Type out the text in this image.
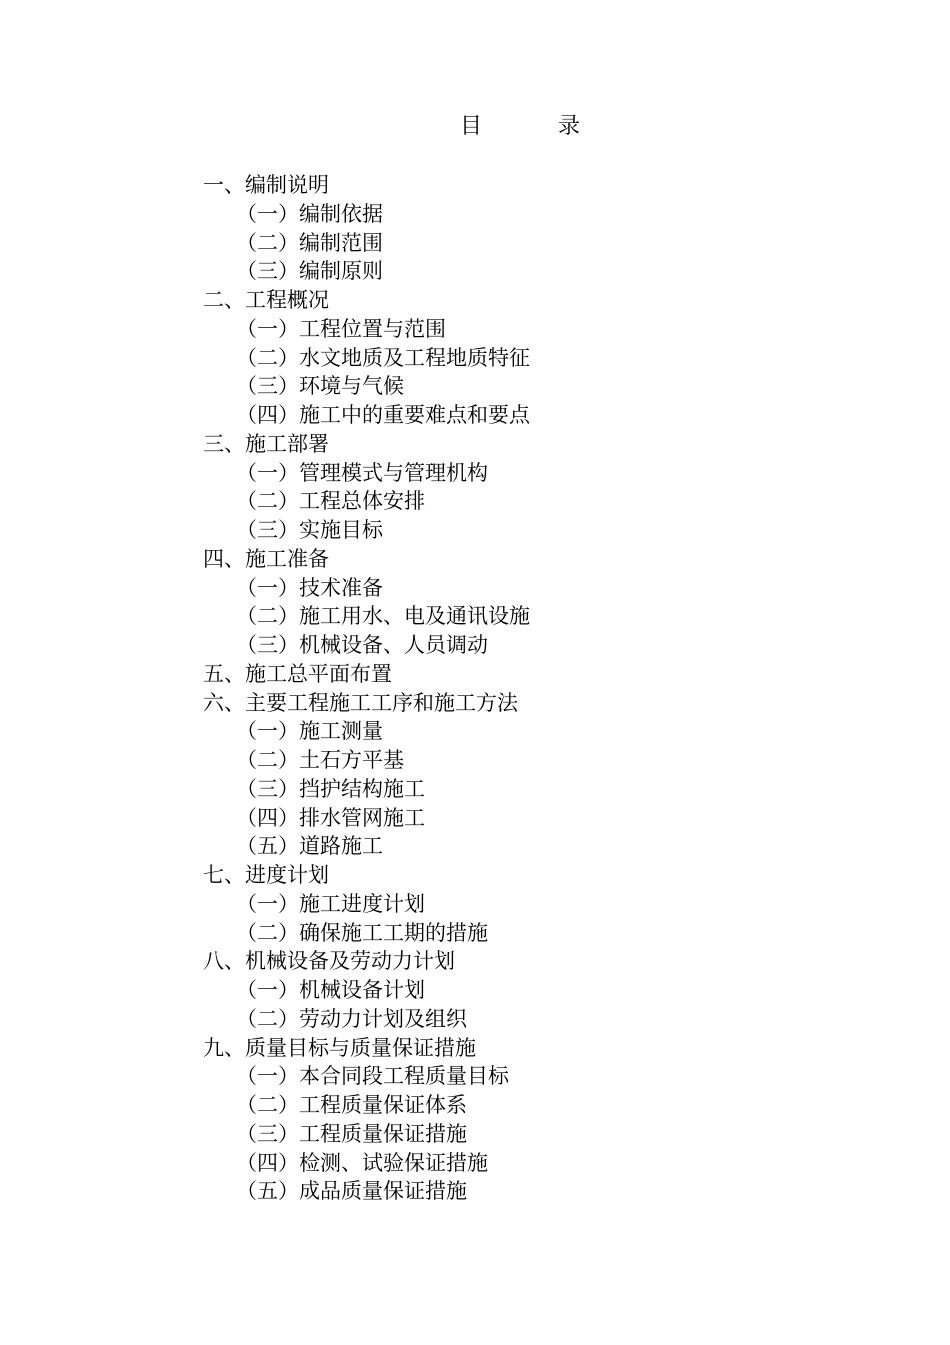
目	录
一、编制说明
（一）编制依据
（二）编制范围
（三）编制原则
二、工程概况
（一）工程位置与范围
（二）水文地质及工程地质特征
（三）环境与气候
（四）施工中的重要难点和要点
三、施工部署
（一）管理模式与管理机构
（二）工程总体安排
（三）实施目标
四、施工准备
（一）技术准备
（二）施工用水、电及通讯设施
（三）机械设备、人员调动
五、施工总平面布置
六、主要工程施工工序和施工方法
（一）施工测量
（二）土石方平基
（三）挡护结构施工
（四）排水管网施工
（五）道路施工
七、进度计划
（一）施工进度计划
（二）确保施工工期的措施
八、机械设备及劳动力计划
（一）机械设备计划
（二）劳动力计划及组织
九、质量目标与质量保证措施
（一）本合同段工程质量目标
（二）工程质量保证体系
（三）工程质量保证措施
（四）检测、试验保证措施
（五）成品质量保证措施
